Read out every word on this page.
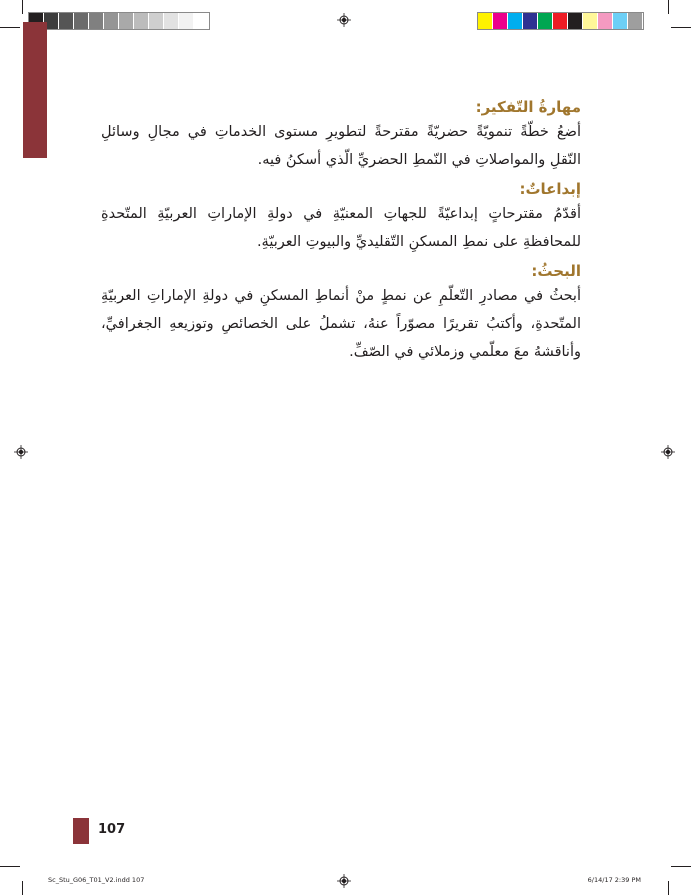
مهارةُ التّفكير:

أضعُ خطّةً تنمويّةً حضريّةً مقترحةً لتطويرِ مستوى الخدماتِ في مجالِ وسائلِ النّقلِ والمواصلاتِ في النّمطِ الحضريِّ الّذي أسكنُ فيه.

إبداعاتٌ:

أقدّمُ مقترحاتٍ إبداعيّةً للجهاتِ المعنيّةِ في دولةِ الإماراتِ العربيّةِ المتّحدةِ للمحافظةِ على نمطِ المسكنِ التّقليديِّ والبيوتِ العربيّةِ.

البحثُ:

أبحثُ في مصادرِ التّعلّمِ عن نمطٍ منْ أنماطِ المسكنِ في دولةِ الإماراتِ العربيّةِ المتّحدةِ، وأكتبُ تقريرًا مصوّراً عنهُ، تشملُ على الخصائصِ وتوزيعهِ الجغرافيِّ، وأناقشهُ معَ معلّمي وزملائي في الصّفِّ.

107
Sc_Stu_G06_T01_V2.indd 107	6/14/17 2:39 PM
